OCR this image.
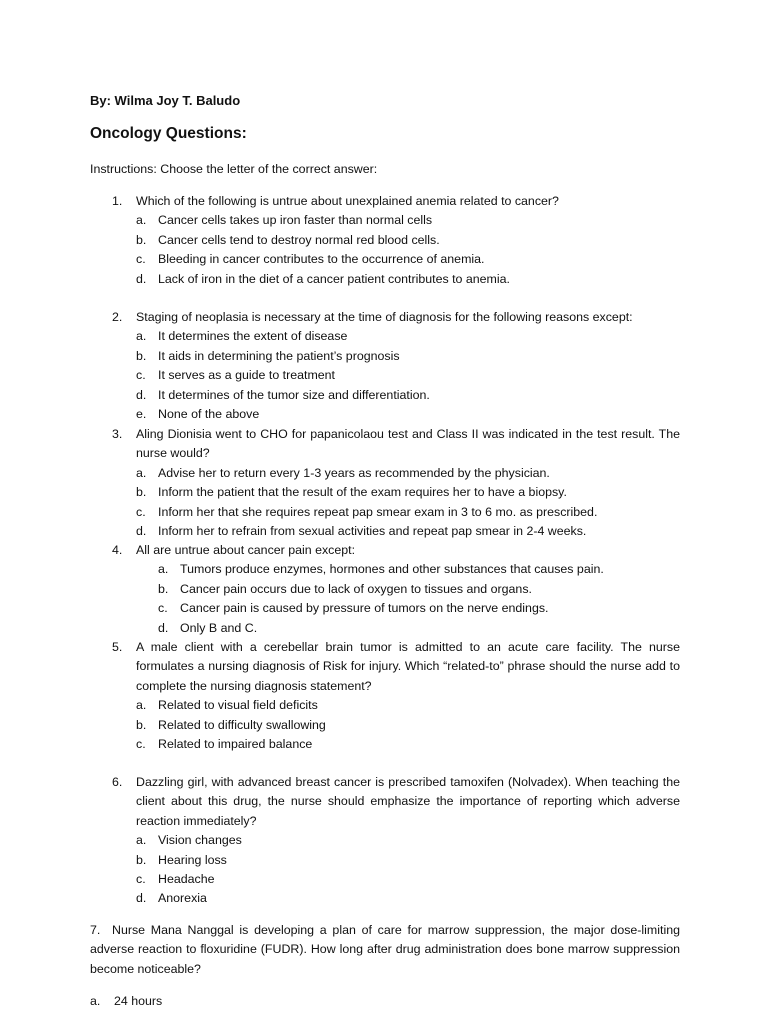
By: Wilma Joy T. Baludo
Oncology Questions:
Instructions: Choose the letter of the correct answer:
1. Which of the following is untrue about unexplained anemia related to cancer?
a. Cancer cells takes up iron faster than normal cells
b. Cancer cells tend to destroy normal red blood cells.
c. Bleeding in cancer contributes to the occurrence of anemia.
d. Lack of iron in the diet of a cancer patient contributes to anemia.
2. Staging of neoplasia is necessary at the time of diagnosis for the following reasons except:
a. It determines the extent of disease
b. It aids in determining the patient’s prognosis
c. It serves as a guide to treatment
d. It determines of the tumor size and differentiation.
e. None of the above
3. Aling Dionisia went to CHO for papanicolaou test and Class II was indicated in the test result. The nurse would?
a. Advise her to return every 1-3 years as recommended by the physician.
b. Inform the patient that the result of the exam requires her to have a biopsy.
c. Inform her that she requires repeat pap smear exam in 3 to 6 mo. as prescribed.
d. Inform her to refrain from sexual activities and repeat pap smear in 2-4 weeks.
4. All are untrue about cancer pain except:
a. Tumors produce enzymes, hormones and other substances that causes pain.
b. Cancer pain occurs due to lack of oxygen to tissues and organs.
c. Cancer pain is caused by pressure of tumors on the nerve endings.
d. Only B and C.
5. A male client with a cerebellar brain tumor is admitted to an acute care facility. The nurse formulates a nursing diagnosis of Risk for injury. Which “related-to” phrase should the nurse add to complete the nursing diagnosis statement?
a. Related to visual field deficits
b. Related to difficulty swallowing
c. Related to impaired balance
6. Dazzling girl, with advanced breast cancer is prescribed tamoxifen (Nolvadex). When teaching the client about this drug, the nurse should emphasize the importance of reporting which adverse reaction immediately?
a. Vision changes
b. Hearing loss
c. Headache
d. Anorexia
7. Nurse Mana Nanggal is developing a plan of care for marrow suppression, the major dose-limiting adverse reaction to floxuridine (FUDR). How long after drug administration does bone marrow suppression become noticeable?
a. 24 hours
